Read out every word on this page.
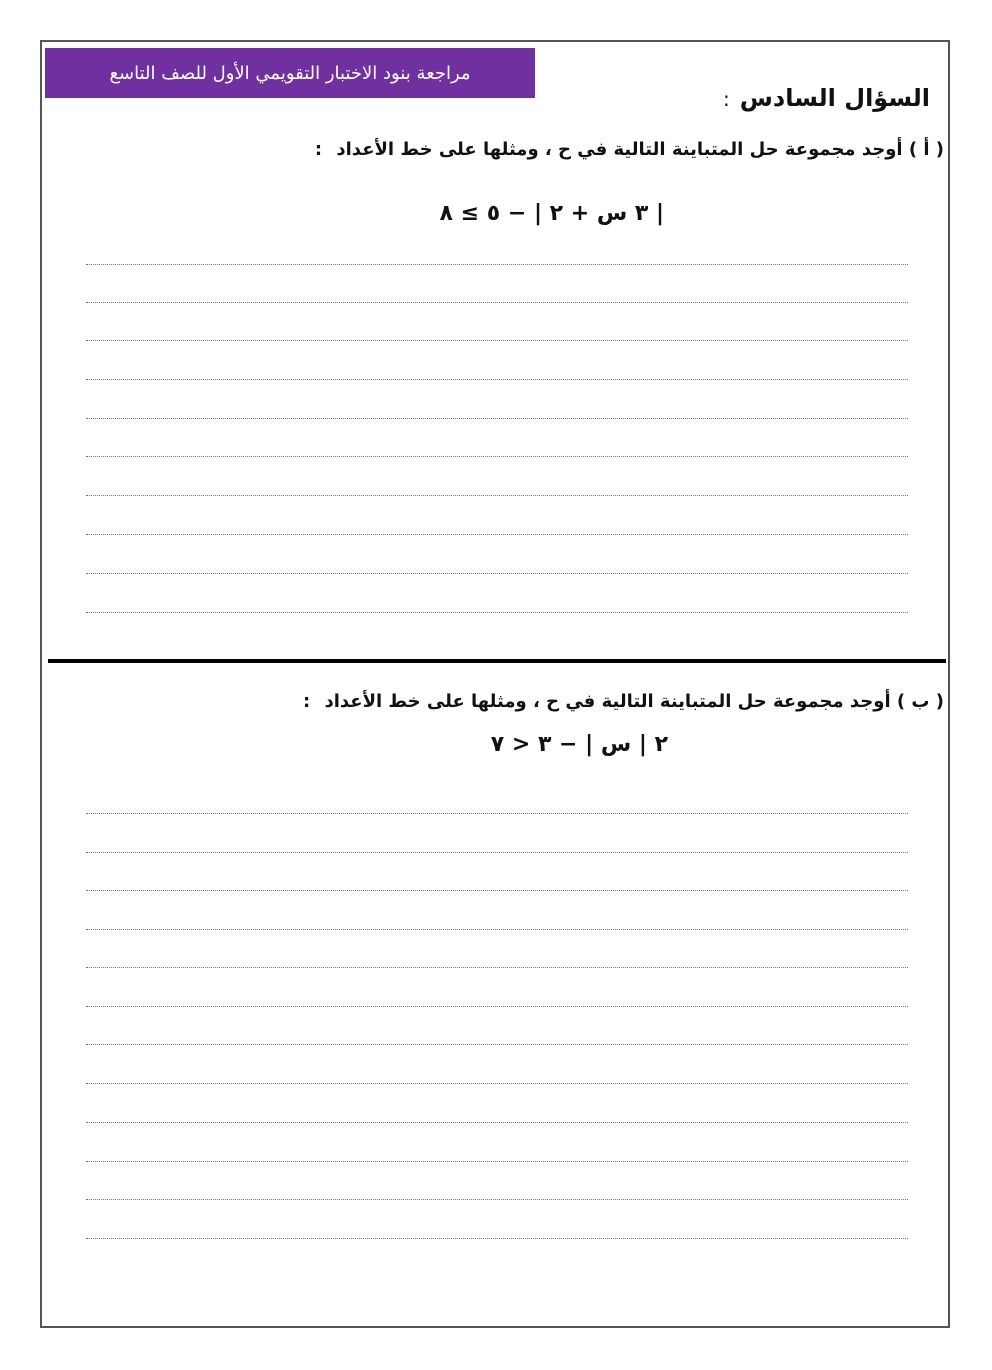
مراجعة بنود الاختبار التقويمي الأول للصف التاسع
السؤال السادس:
( أ ) أوجد مجموعة حل المتباينة التالية في ح ، ومثلها على خط الأعداد :
| ٣ س + ٢ | − ٥ ≥ ٨
( ب ) أوجد مجموعة حل المتباينة التالية في ح ، ومثلها على خط الأعداد :
٢ | س | − ٣ < ٧
